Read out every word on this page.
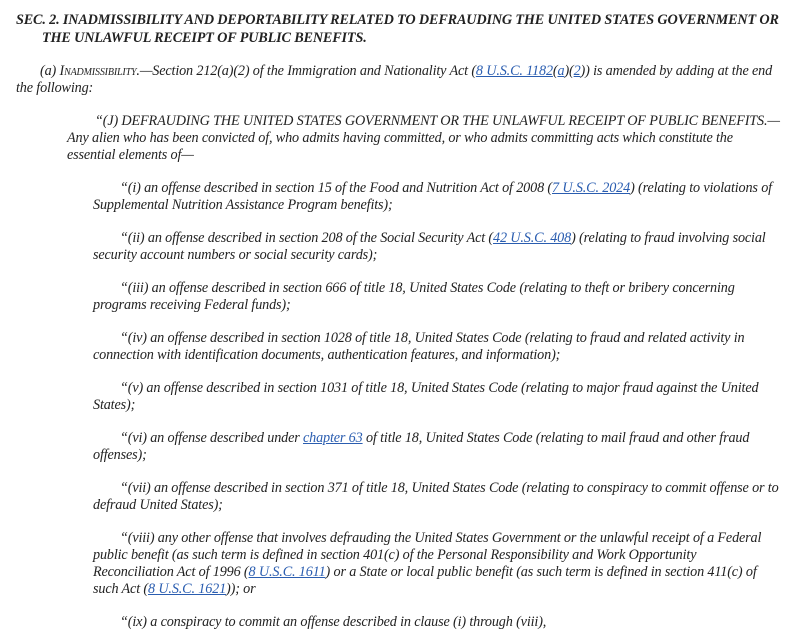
SEC. 2. INADMISSIBILITY AND DEPORTABILITY RELATED TO DEFRAUDING THE UNITED STATES GOVERNMENT OR THE UNLAWFUL RECEIPT OF PUBLIC BENEFITS.

(a) Inadmissibility.—Section 212(a)(2) of the Immigration and Nationality Act (8 U.S.C. 1182(a)(2)) is amended by adding at the end the following:

“(J) DEFRAUDING THE UNITED STATES GOVERNMENT OR THE UNLAWFUL RECEIPT OF PUBLIC BENEFITS.—Any alien who has been convicted of, who admits having committed, or who admits committing acts which constitute the essential elements of—

“(i) an offense described in section 15 of the Food and Nutrition Act of 2008 (7 U.S.C. 2024) (relating to violations of Supplemental Nutrition Assistance Program benefits);

“(ii) an offense described in section 208 of the Social Security Act (42 U.S.C. 408) (relating to fraud involving social security account numbers or social security cards);

“(iii) an offense described in section 666 of title 18, United States Code (relating to theft or bribery concerning programs receiving Federal funds);

“(iv) an offense described in section 1028 of title 18, United States Code (relating to fraud and related activity in connection with identification documents, authentication features, and information);

“(v) an offense described in section 1031 of title 18, United States Code (relating to major fraud against the United States);

“(vi) an offense described under chapter 63 of title 18, United States Code (relating to mail fraud and other fraud offenses);

“(vii) an offense described in section 371 of title 18, United States Code (relating to conspiracy to commit offense or to defraud United States);

“(viii) any other offense that involves defrauding the United States Government or the unlawful receipt of a Federal public benefit (as such term is defined in section 401(c) of the Personal Responsibility and Work Opportunity Reconciliation Act of 1996 (8 U.S.C. 1611) or a State or local public benefit (as such term is defined in section 411(c) of such Act (8 U.S.C. 1621)); or

“(ix) a conspiracy to commit an offense described in clause (i) through (viii),
